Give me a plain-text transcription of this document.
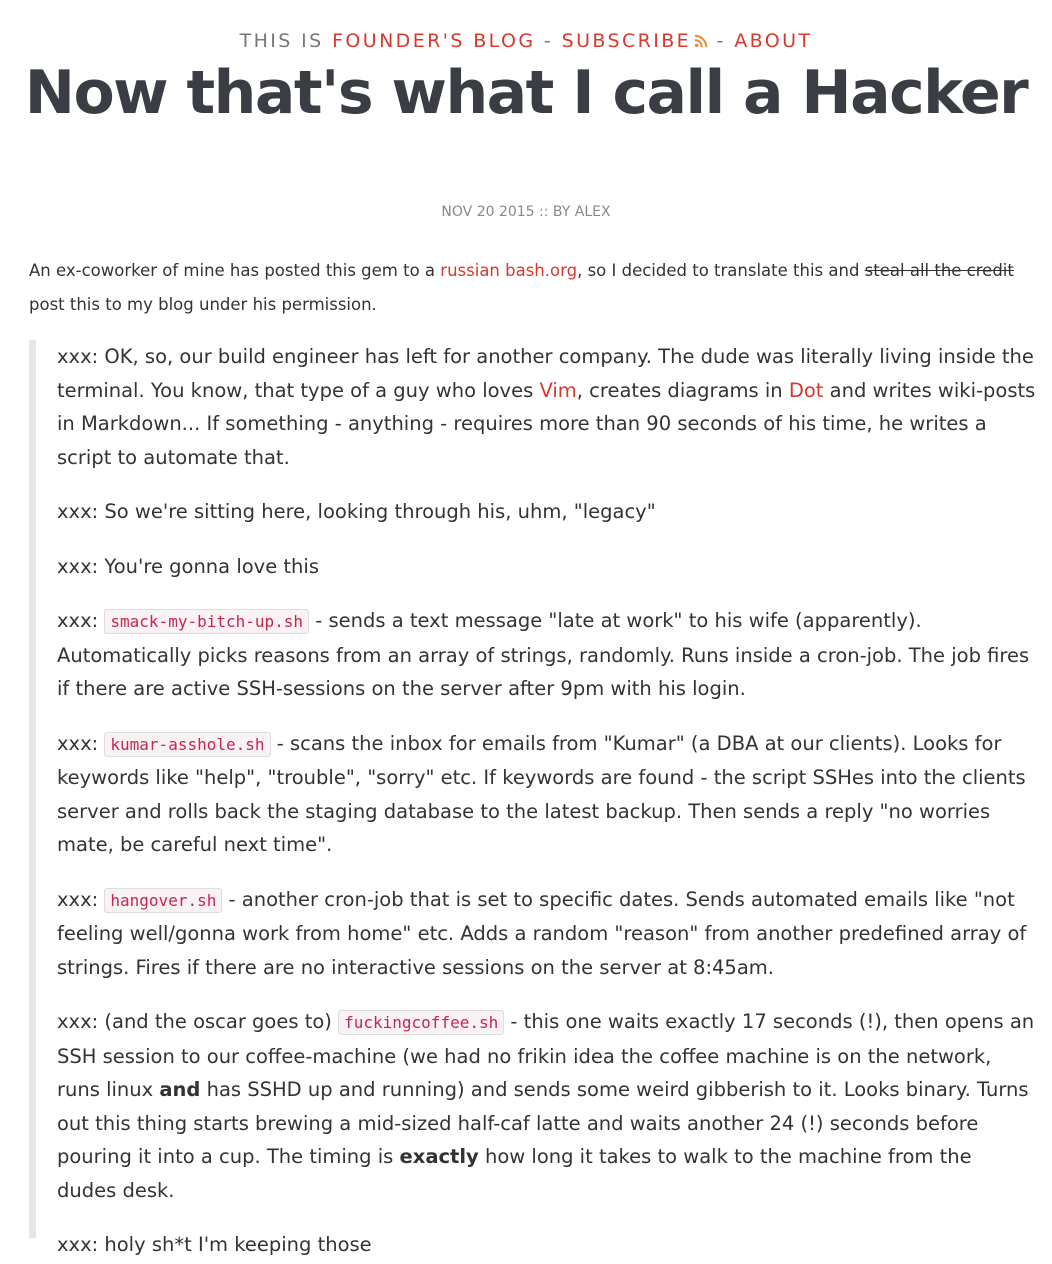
THIS IS FOUNDER'S BLOG - SUBSCRIBE - ABOUT
Now that's what I call a Hacker
NOV 20 2015 :: BY ALEX

An ex-coworker of mine has posted this gem to a russian bash.org, so I decided to translate this and steal all the credit post this to my blog under his permission.

xxx: OK, so, our build engineer has left for another company. The dude was literally living inside the terminal. You know, that type of a guy who loves Vim, creates diagrams in Dot and writes wiki-posts in Markdown... If something - anything - requires more than 90 seconds of his time, he writes a script to automate that.

xxx: So we're sitting here, looking through his, uhm, "legacy"

xxx: You're gonna love this

xxx: smack-my-bitch-up.sh - sends a text message "late at work" to his wife (apparently). Automatically picks reasons from an array of strings, randomly. Runs inside a cron-job. The job fires if there are active SSH-sessions on the server after 9pm with his login.

xxx: kumar-asshole.sh - scans the inbox for emails from "Kumar" (a DBA at our clients). Looks for keywords like "help", "trouble", "sorry" etc. If keywords are found - the script SSHes into the clients server and rolls back the staging database to the latest backup. Then sends a reply "no worries mate, be careful next time".

xxx: hangover.sh - another cron-job that is set to specific dates. Sends automated emails like "not feeling well/gonna work from home" etc. Adds a random "reason" from another predefined array of strings. Fires if there are no interactive sessions on the server at 8:45am.

xxx: (and the oscar goes to) fuckingcoffee.sh - this one waits exactly 17 seconds (!), then opens an SSH session to our coffee-machine (we had no frikin idea the coffee machine is on the network, runs linux and has SSHD up and running) and sends some weird gibberish to it. Looks binary. Turns out this thing starts brewing a mid-sized half-caf latte and waits another 24 (!) seconds before pouring it into a cup. The timing is exactly how long it takes to walk to the machine from the dudes desk.

xxx: holy sh*t I'm keeping those
